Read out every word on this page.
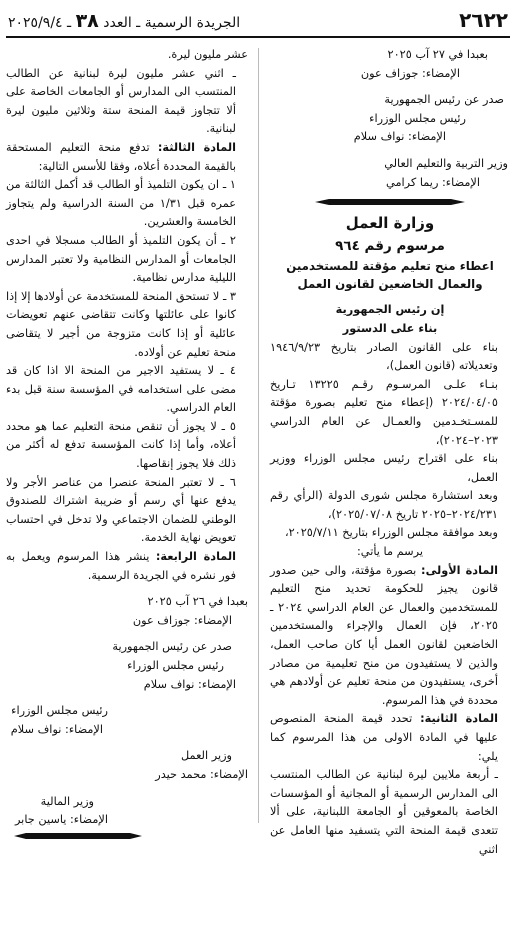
٢٦٢٢
الجريدة الرسمية ـ العدد ٣٨ ـ ٢٠٢٥/٩/٤

بعبدا في ٢٧ آب ٢٠٢٥

الإمضاء: جوزاف عون

صدر عن رئيس الجمهورية

رئيس مجلس الوزراء

الإمضاء: نواف سلام

وزير التربية والتعليم العالي

الإمضاء: ريما كرامي

وزارة العمل
مرسوم رقم ٩٦٤
اعطاء منح تعليم مؤقتة للمستخدمين والعمال الخاضعين لقانون العمل

إن رئيس الجمهورية

بناء على الدستور

بناء على القانون الصادر بتاريخ ١٩٤٦/٩/٢٣ وتعديلاته (قانون العمل)،

بنـاء علـى المرسـوم رقـم ١٣٢٢٥ تـاريخ ٢٠٢٤/٠٤/٠٥ (إعطاء منح تعليم بصورة مؤقتة للمسـتخـدمين والعمـال عن العام الدراسي ٢٠٢٣–٢٠٢٤)،

بناء على اقتراح رئيس مجلس الوزراء ووزير العمل،

وبعد استشارة مجلس شورى الدولة (الرأي رقم ٢٠٢٤/٢٣١–٢٠٢٥ تاريخ ٢٠٢٥/٠٧/٠٨)،

وبعد موافقة مجلس الوزراء بتاريخ ٢٠٢٥/٧/١١،

يرسم ما يأتي:

المادة الأولى: بصورة مؤقتة، والى حين صدور قانون يجيز للحكومة تحديد منح التعليم للمستخدمين والعمال عن العام الدراسي ٢٠٢٤ ـ ٢٠٢٥، فإن العمال والإجراء والمستخدمين الخاضعين لقانون العمل أيا كان صاحب العمل، والذين لا يستفيدون من منح تعليمية من مصادر أخرى، يستفيدون من منحة تعليم عن أولادهم هي محددة في هذا المرسوم.

المادة الثانية: تحدد قيمة المنحة المنصوص عليها في المادة الاولى من هذا المرسوم كما يلي:

ـ أربعة ملايين ليرة لبنانية عن الطالب المنتسب الى المدارس الرسمية أو المجانية أو المؤسسات الخاصة بالمعوقين أو الجامعة اللبنانية، على ألا تتعدى قيمة المنحة التي يتسفيد منها العامل عن اثني

عشر مليون ليرة.

ـ اثني عشر مليون ليرة لبنانية عن الطالب المنتسب الى المدارس أو الجامعات الخاصة على ألا تتجاوز قيمة المنحة ستة وثلاثين مليون ليرة لبنانية.

المادة الثالثة: تدفع منحة التعليم المستحقة بالقيمة المحددة أعلاه، وفقا للأسس التالية:

١ ـ ان يكون التلميذ أو الطالب قد أكمل الثالثة من عمره قبل ١/٣١ من السنة الدراسية ولم يتجاوز الخامسة والعشرين.

٢ ـ أن يكون التلميذ أو الطالب مسجلا في احدى الجامعات أو المدارس النظامية ولا تعتبر المدارس الليلية مدارس نظامية.

٣ ـ لا تستحق المنحة للمستخدمة عن أولادها إلا إذا كانوا على عائلتها وكانت تتقاضى عنهم تعويضات عائلية أو إذا كانت متزوجة من أجير لا يتقاضى منحة تعليم عن أولاده.

٤ ـ لا يستفيد الاجير من المنحة الا اذا كان قد مضى على استخدامه في المؤسسة سنة قبل بدء العام الدراسي.

٥ ـ لا يجوز أن تنقص منحة التعليم عما هو محدد أعلاه، وأما إذا كانت المؤسسة تدفع له أكثر من ذلك فلا يجوز إنقاصها.

٦ ـ لا تعتبر المنحة عنصرا من عناصر الأجر ولا يدفع عنها أي رسم أو ضريبة اشتراك للصندوق الوطني للضمان الاجتماعي ولا تدخل في احتساب تعويض نهاية الخدمة.

المادة الرابعة: ينشر هذا المرسوم ويعمل به فور نشره في الجريدة الرسمية.

بعبدا في ٢٦ آب ٢٠٢٥

الإمضاء: جوزاف عون

صدر عن رئيس الجمهورية

رئيس مجلس الوزراء

الإمضاء: نواف سلام

رئيس مجلس الوزراء

الإمضاء: نواف سلام

وزير العمل

الإمضاء: محمد حيدر

وزير المالية

الإمضاء: ياسين جابر
